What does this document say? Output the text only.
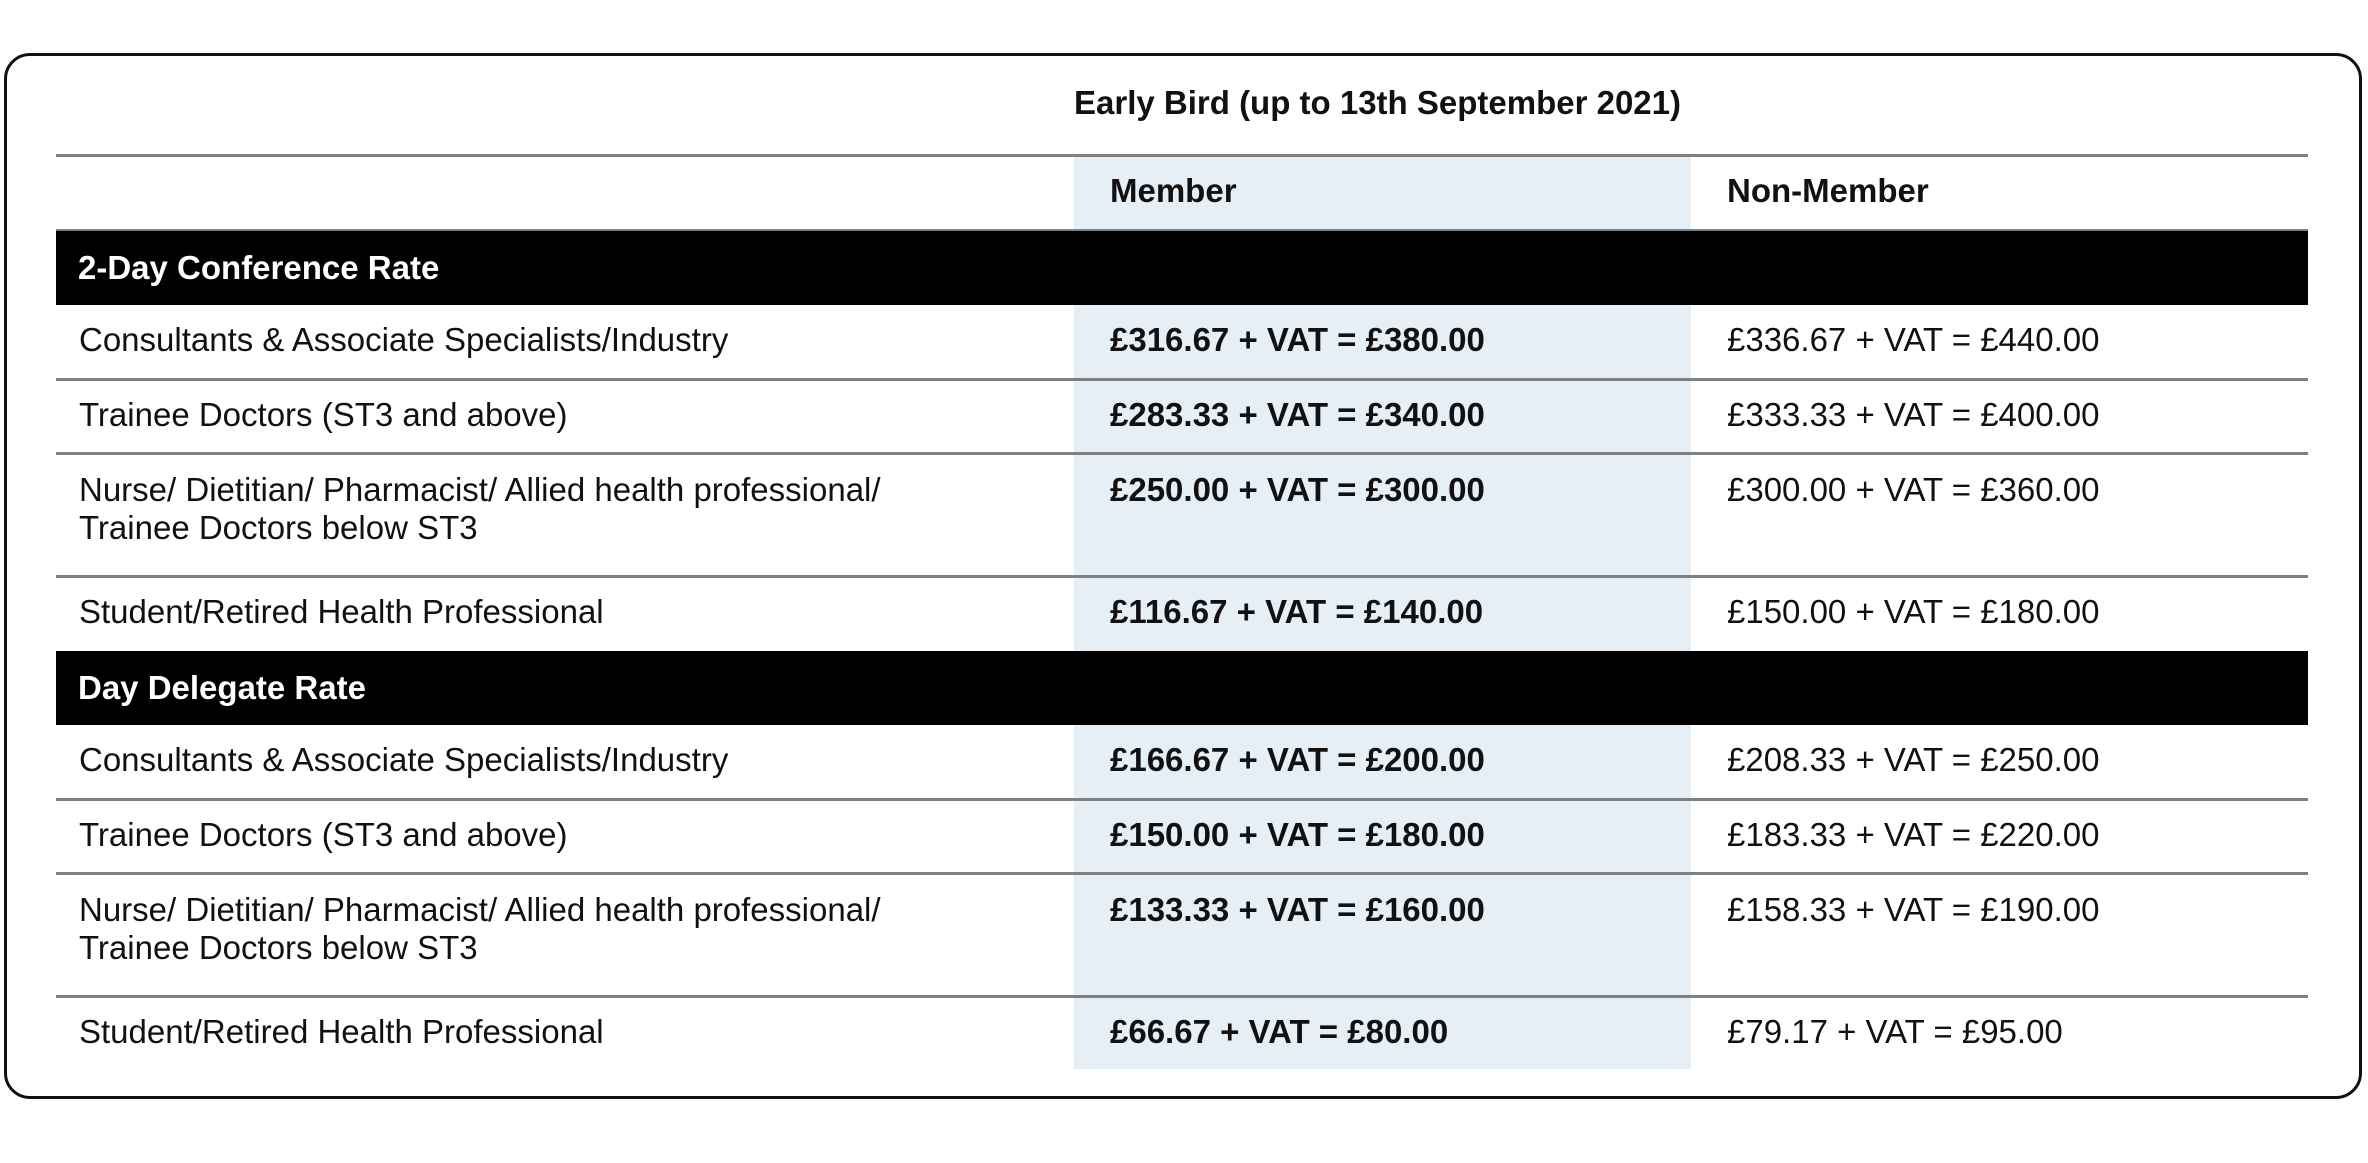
Early Bird (up to 13th September 2021)
Member	Non-Member
2-Day Conference Rate
Consultants & Associate Specialists/Industry	£316.67 + VAT = £380.00	£336.67 + VAT = £440.00
Trainee Doctors (ST3 and above)	£283.33 + VAT = £340.00	£333.33 + VAT = £400.00
Nurse/ Dietitian/ Pharmacist/ Allied health professional/
Trainee Doctors below ST3
£250.00 + VAT = £300.00	£300.00 + VAT = £360.00
Student/Retired Health Professional	£116.67 + VAT = £140.00	£150.00 + VAT = £180.00
Day Delegate Rate
Consultants & Associate Specialists/Industry	£166.67 + VAT = £200.00	£208.33 + VAT = £250.00
Trainee Doctors (ST3 and above)	£150.00 + VAT = £180.00	£183.33 + VAT = £220.00
Nurse/ Dietitian/ Pharmacist/ Allied health professional/
Trainee Doctors below ST3
£133.33 + VAT = £160.00	£158.33 + VAT = £190.00
Student/Retired Health Professional	£66.67 + VAT = £80.00	£79.17 + VAT = £95.00
